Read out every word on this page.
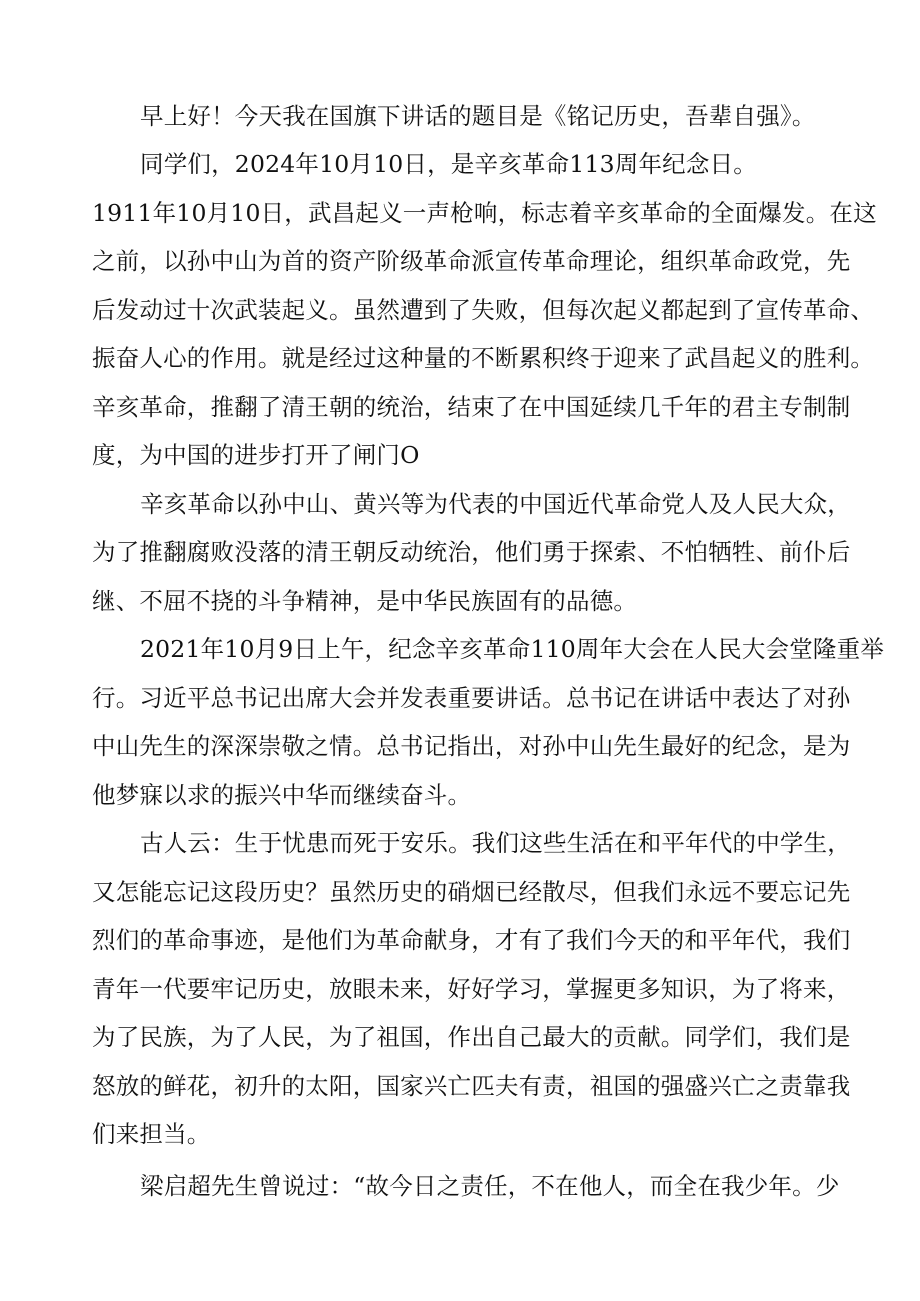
早上好！今天我在国旗下讲话的题目是《铭记历史，吾辈自强》。
同学们，2024年10月10日，是辛亥革命113周年纪念日。
1911年10月10日，武昌起义一声枪响，标志着辛亥革命的全面爆发。在这
之前，以孙中山为首的资产阶级革命派宣传革命理论，组织革命政党，先
后发动过十次武装起义。虽然遭到了失败，但每次起义都起到了宣传革命、
振奋人心的作用。就是经过这种量的不断累积终于迎来了武昌起义的胜利。
辛亥革命，推翻了清王朝的统治，结束了在中国延续几千年的君主专制制
度，为中国的进步打开了闸门O
辛亥革命以孙中山、黄兴等为代表的中国近代革命党人及人民大众，
为了推翻腐败没落的清王朝反动统治，他们勇于探索、不怕牺牲、前仆后
继、不屈不挠的斗争精神，是中华民族固有的品德。
2021年10月9日上午，纪念辛亥革命110周年大会在人民大会堂隆重举
行。习近平总书记出席大会并发表重要讲话。总书记在讲话中表达了对孙
中山先生的深深崇敬之情。总书记指出，对孙中山先生最好的纪念，是为
他梦寐以求的振兴中华而继续奋斗。
古人云：生于忧患而死于安乐。我们这些生活在和平年代的中学生，
又怎能忘记这段历史？虽然历史的硝烟已经散尽，但我们永远不要忘记先
烈们的革命事迹，是他们为革命献身，才有了我们今天的和平年代，我们
青年一代要牢记历史，放眼未来，好好学习，掌握更多知识，为了将来，
为了民族，为了人民，为了祖国，作出自己最大的贡献。同学们，我们是
怒放的鲜花，初升的太阳，国家兴亡匹夫有责，祖国的强盛兴亡之责靠我
们来担当。
梁启超先生曾说过：“故今日之责任，不在他人，而全在我少年。少
